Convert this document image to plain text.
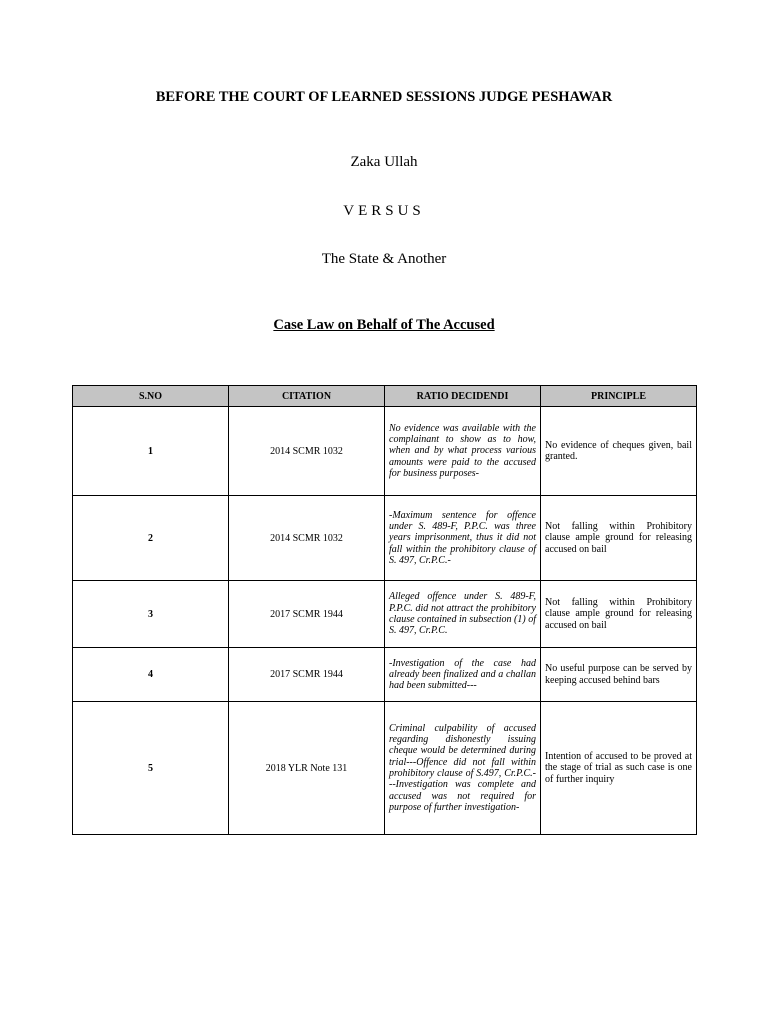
BEFORE THE COURT OF LEARNED SESSIONS JUDGE PESHAWAR
Zaka Ullah
VERSUS
The State & Another
Case Law on Behalf of The Accused
S.NO	CITATION	RATIO DECIDENDI	PRINCIPLE
1	2014 SCMR 1032	No evidence was available with the complainant to show as to how, when and by what process various amounts were paid to the accused for business purposes-	No evidence of cheques given, bail granted.
2	2014 SCMR 1032	-Maximum sentence for offence under S. 489-F, P.P.C. was three years imprisonment, thus it did not fall within the prohibitory clause of S. 497, Cr.P.C.-	Not falling within Prohibitory clause ample ground for releasing accused on bail
3	2017 SCMR 1944	Alleged offence under S. 489-F, P.P.C. did not attract the prohibitory clause contained in subsection (1) of S. 497, Cr.P.C.	Not falling within Prohibitory clause ample ground for releasing accused on bail
4	2017 SCMR 1944	-Investigation of the case had already been finalized and a challan had been submitted---	No useful purpose can be served by keeping accused behind bars
5	2018 YLR Note 131	Criminal culpability of accused regarding dishonestly issuing cheque would be determined during trial---Offence did not fall within prohibitory clause of S.497, Cr.P.C.---Investigation was complete and accused was not required for purpose of further investigation-	Intention of accused to be proved at the stage of trial as such case is one of further inquiry
